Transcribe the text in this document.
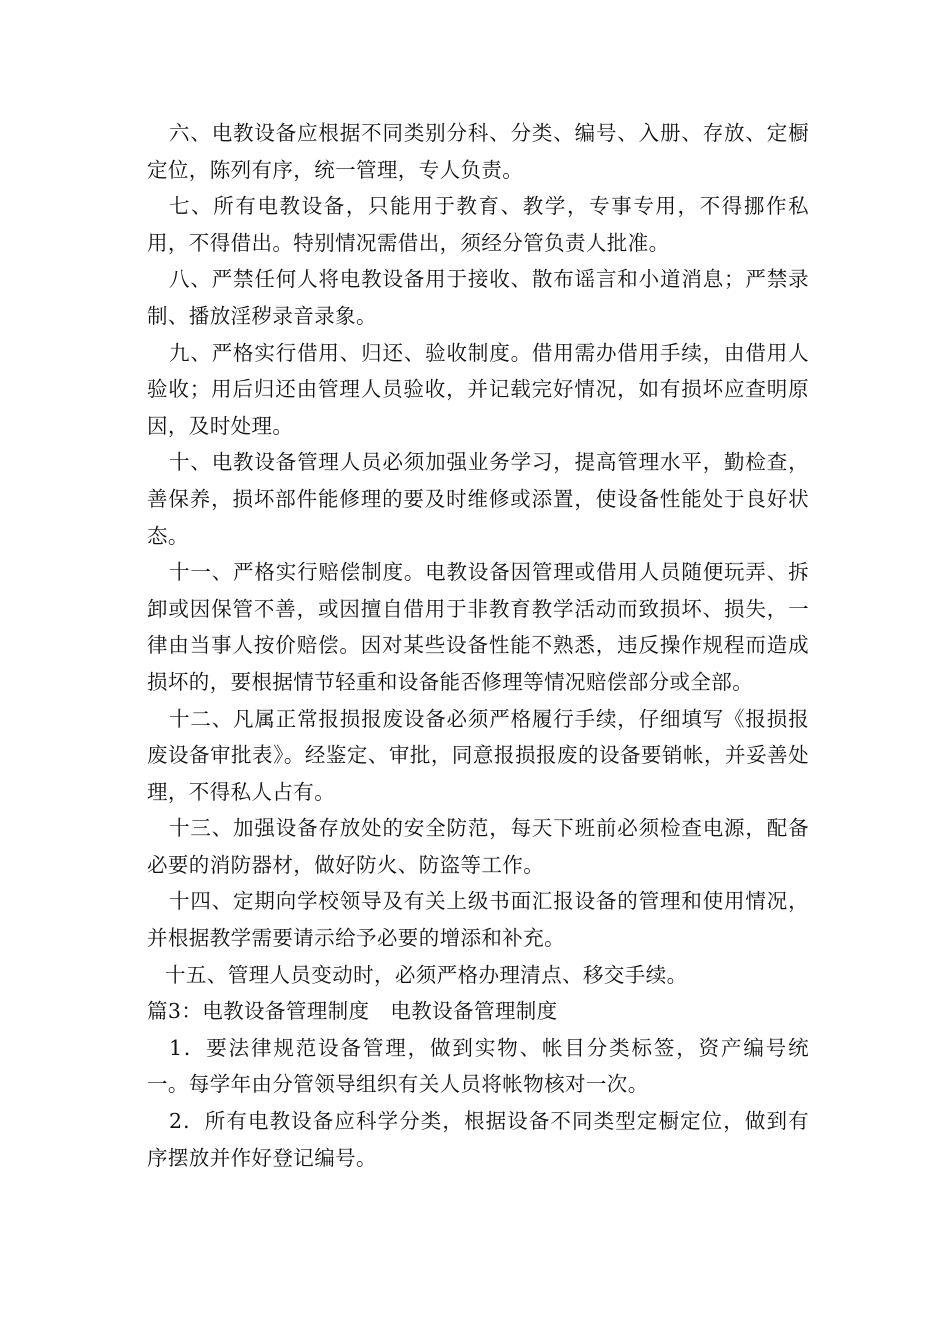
六、电教设备应根据不同类别分科、分类、编号、入册、存放、定橱定位，陈列有序，统一管理，专人负责。

七、所有电教设备，只能用于教育、教学，专事专用，不得挪作私用，不得借出。特别情况需借出，须经分管负责人批准。

八、严禁任何人将电教设备用于接收、散布谣言和小道消息；严禁录制、播放淫秽录音录象。

九、严格实行借用、归还、验收制度。借用需办借用手续，由借用人验收；用后归还由管理人员验收，并记载完好情况，如有损坏应查明原因，及时处理。

十、电教设备管理人员必须加强业务学习，提高管理水平，勤检查，善保养，损坏部件能修理的要及时维修或添置，使设备性能处于良好状态。

十一、严格实行赔偿制度。电教设备因管理或借用人员随便玩弄、拆卸或因保管不善，或因擅自借用于非教育教学活动而致损坏、损失，一律由当事人按价赔偿。因对某些设备性能不熟悉，违反操作规程而造成损坏的，要根据情节轻重和设备能否修理等情况赔偿部分或全部。

十二、凡属正常报损报废设备必须严格履行手续，仔细填写《报损报废设备审批表》。经鉴定、审批，同意报损报废的设备要销帐，并妥善处理，不得私人占有。

十三、加强设备存放处的安全防范，每天下班前必须检查电源，配备必要的消防器材，做好防火、防盗等工作。

十四、定期向学校领导及有关上级书面汇报设备的管理和使用情况，并根据教学需要请示给予必要的增添和补充。

十五、管理人员变动时，必须严格办理清点、移交手续。

篇3：电教设备管理制度　电教设备管理制度

1．要法律规范设备管理，做到实物、帐目分类标签，资产编号统一。每学年由分管领导组织有关人员将帐物核对一次。

2．所有电教设备应科学分类，根据设备不同类型定橱定位，做到有序摆放并作好登记编号。
